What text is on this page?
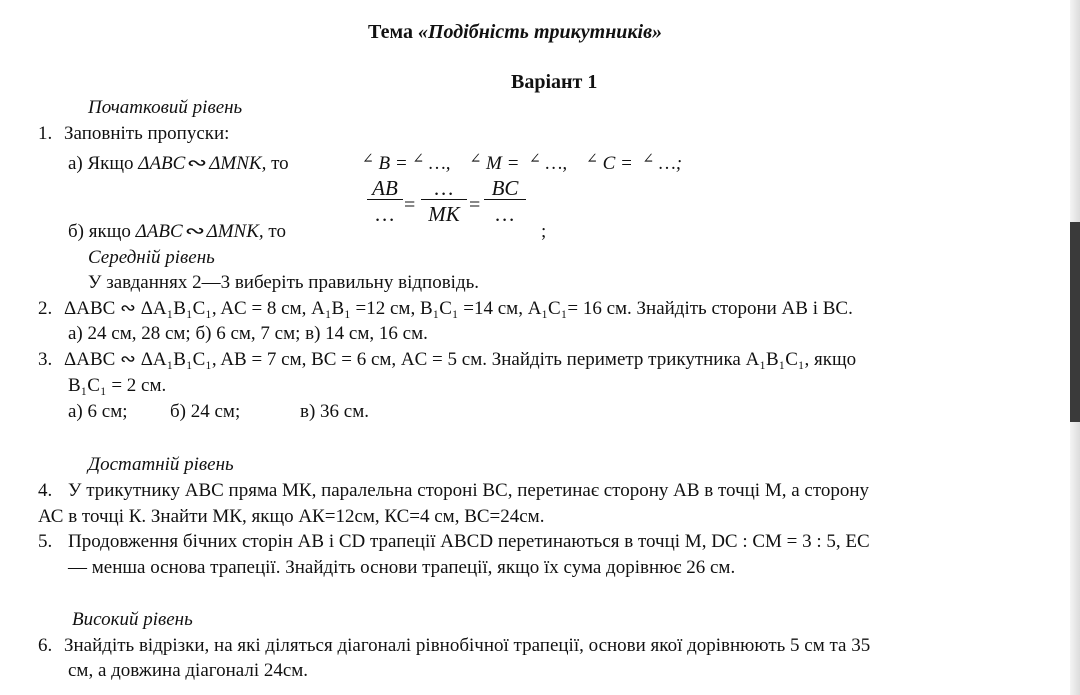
Тема «Подібність трикутників»
Варіант 1
Початковий рівень
1. Заповніть пропуски:
а) Якщо ΔABC∾ΔMNK, то	∠ B = ∠ …, ∠ M = ∠ …, ∠ C = ∠ …;
AB
… =
…
MK =
BC
…
б) якщо ΔABC∾ΔMNK, то	;
Середній рівень
У завданнях 2—3 виберіть правильну відповідь.
2. ΔABC ∾ ΔA₁B₁C₁, AC = 8 см, A₁B₁ =12 см, B₁C₁ =14 см, A₁C₁= 16 см. Знайдіть сторони AB і BC.
а) 24 см, 28 см; б) 6 см, 7 см; в) 14 см, 16 см.
3. ΔABC ∾ ΔA₁B₁C₁, AB = 7 см, BC = 6 см, AC = 5 см. Знайдіть периметр трикутника A₁B₁C₁, якщо
B₁C₁ = 2 см.
а) 6 см; б) 24 см;	в) 36 см.
Достатній рівень
4. У трикутнику АВС пряма МК, паралельна стороні ВС, перетинає сторону АВ в точці М, а сторону
АС в точці К. Знайти МК, якщо АК=12см, КС=4 см, ВС=24см.
5. Продовження бічних сторін AB і CD трапеції ABCD перетинаються в точці M, DC : CM = 3 : 5, EC
— менша основа трапеції. Знайдіть основи трапеції, якщо їх сума дорівнює 26 см.
Високий рівень
6. Знайдіть відрізки, на які діляться діагоналі рівнобічної трапеції, основи якої дорівнюють 5 см та 35
см, а довжина діагоналі 24см.
